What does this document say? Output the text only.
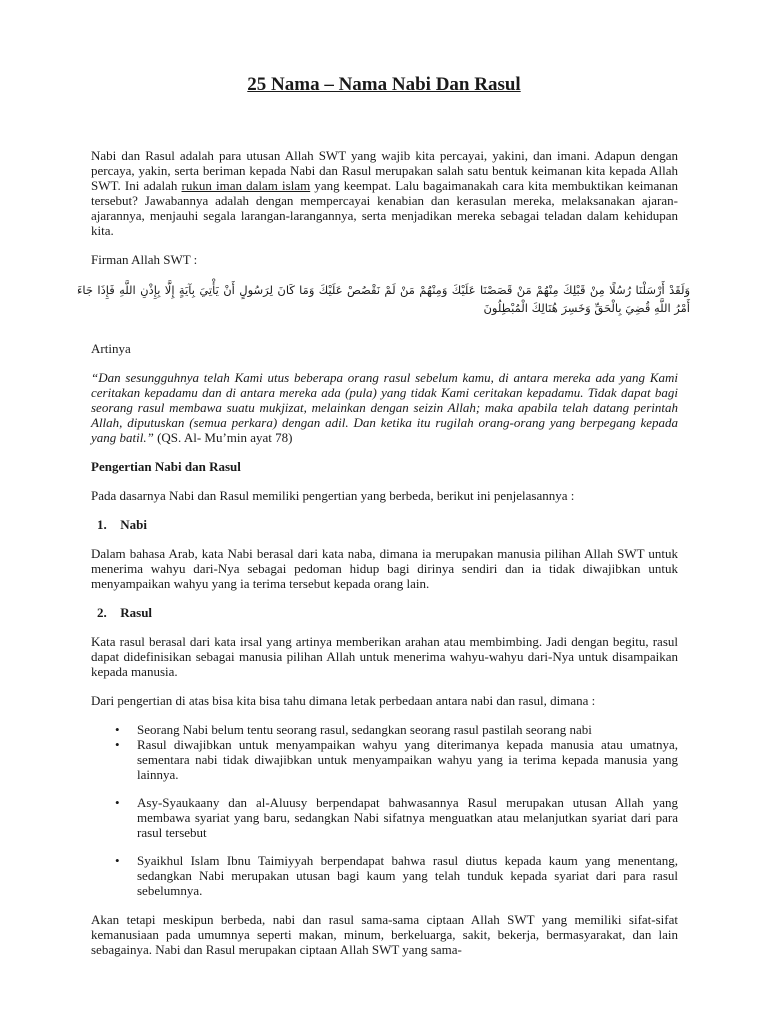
25 Nama – Nama Nabi Dan Rasul

Nabi dan Rasul adalah para utusan Allah SWT yang wajib kita percayai, yakini, dan imani. Adapun dengan percaya, yakin, serta beriman kepada Nabi dan Rasul merupakan salah satu bentuk keimanan kita kepada Allah SWT. Ini adalah rukun iman dalam islam yang keempat. Lalu bagaimanakah cara kita membuktikan keimanan tersebut? Jawabannya adalah dengan mempercayai kenabian dan kerasulan mereka, melaksanakan ajaran-ajarannya, menjauhi segala larangan-larangannya, serta menjadikan mereka sebagai teladan dalam kehidupan kita.

Firman Allah SWT :

وَلَقَدْ أَرْسَلْنَا رُسُلًا مِنْ قَبْلِكَ مِنْهُمْ مَنْ قَصَصْنَا عَلَيْكَ وَمِنْهُمْ مَنْ لَمْ نَقْصُصْ عَلَيْكَ وَمَا كَانَ لِرَسُولٍ أَنْ يَأْتِيَ بِآيَةٍ إِلَّا بِإِذْنِ اللَّهِ فَإِذَا جَاءَ أَمْرُ اللَّهِ قُضِيَ بِالْحَقِّ وَخَسِرَ هُنَالِكَ الْمُبْطِلُونَ

Artinya

“Dan sesungguhnya telah Kami utus beberapa orang rasul sebelum kamu, di antara mereka ada yang Kami ceritakan kepadamu dan di antara mereka ada (pula) yang tidak Kami ceritakan kepadamu. Tidak dapat bagi seorang rasul membawa suatu mukjizat, melainkan dengan seizin Allah; maka apabila telah datang perintah Allah, diputuskan (semua perkara) dengan adil. Dan ketika itu rugilah orang-orang yang berpegang kepada yang batil.” (QS. Al- Mu’min ayat 78)

Pengertian Nabi dan Rasul

Pada dasarnya Nabi dan Rasul memiliki pengertian yang berbeda, berikut ini penjelasannya :

1. Nabi

Dalam bahasa Arab, kata Nabi berasal dari kata naba, dimana ia merupakan manusia pilihan Allah SWT untuk menerima wahyu dari-Nya sebagai pedoman hidup bagi dirinya sendiri dan ia tidak diwajibkan untuk menyampaikan wahyu yang ia terima tersebut kepada orang lain.

2. Rasul

Kata rasul berasal dari kata irsal yang artinya memberikan arahan atau membimbing. Jadi dengan begitu, rasul dapat didefinisikan sebagai manusia pilihan Allah untuk menerima wahyu-wahyu dari-Nya untuk disampaikan kepada manusia.

Dari pengertian di atas bisa kita bisa tahu dimana letak perbedaan antara nabi dan rasul, dimana :

• Seorang Nabi belum tentu seorang rasul, sedangkan seorang rasul pastilah seorang nabi
• Rasul diwajibkan untuk menyampaikan wahyu yang diterimanya kepada manusia atau umatnya, sementara nabi tidak diwajibkan untuk menyampaikan wahyu yang ia terima kepada manusia yang lainnya.
• Asy-Syaukaany dan al-Aluusy berpendapat bahwasannya Rasul merupakan utusan Allah yang membawa syariat yang baru, sedangkan Nabi sifatnya menguatkan atau melanjutkan syariat dari para rasul tersebut
• Syaikhul Islam Ibnu Taimiyyah berpendapat bahwa rasul diutus kepada kaum yang menentang, sedangkan Nabi merupakan utusan bagi kaum yang telah tunduk kepada syariat dari para rasul sebelumnya.

Akan tetapi meskipun berbeda, nabi dan rasul sama-sama ciptaan Allah SWT yang memiliki sifat-sifat kemanusiaan pada umumnya seperti makan, minum, berkeluarga, sakit, bekerja, bermasyarakat, dan lain sebagainya. Nabi dan Rasul merupakan ciptaan Allah SWT yang sama-
